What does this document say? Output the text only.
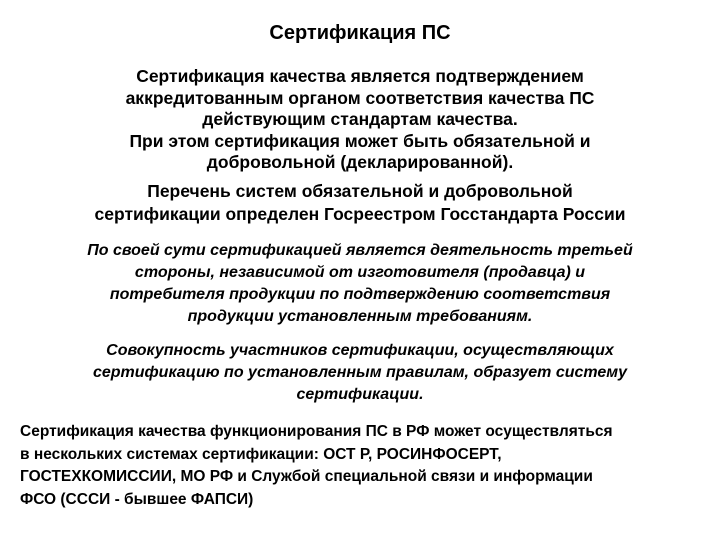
Сертификация ПС
Сертификация качества является подтверждением
аккредитованным органом соответствия качества ПС
действующим стандартам качества.
При этом сертификация может быть обязательной и
добровольной (декларированной).
Перечень систем обязательной и добровольной
сертификации определен Госреестром Госстандарта России
По своей сути сертификацией является деятельность третьей
стороны, независимой от изготовителя (продавца) и
потребителя продукции по подтверждению соответствия
продукции установленным требованиям.
Совокупность участников сертификации, осуществляющих
сертификацию по установленным правилам, образует систему
сертификации.
Сертификация качества функционирования ПС в РФ может осуществляться
в нескольких системах сертификации: ОСТ Р, РОСИНФОСЕРТ,
ГОСТЕХКОМИССИИ, МО РФ и Службой специальной связи и информации
ФСО (СССИ - бывшее ФАПСИ)
